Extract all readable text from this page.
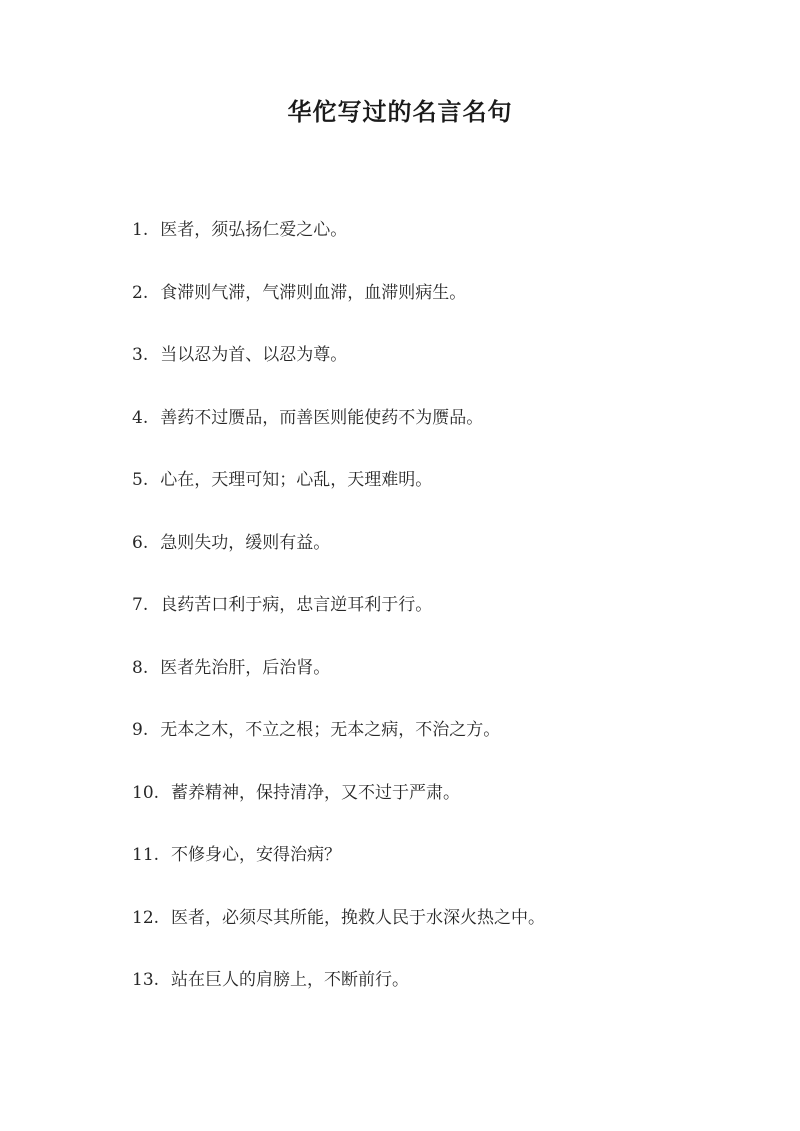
华佗写过的名言名句
1. 医者，须弘扬仁爱之心。
2. 食滞则气滞，气滞则血滞，血滞则病生。
3. 当以忍为首、以忍为尊。
4. 善药不过赝品，而善医则能使药不为赝品。
5. 心在，天理可知；心乱，天理难明。
6. 急则失功，缓则有益。
7. 良药苦口利于病，忠言逆耳利于行。
8. 医者先治肝，后治肾。
9. 无本之木，不立之根；无本之病，不治之方。
10. 蓄养精神，保持清净，又不过于严肃。
11. 不修身心，安得治病？
12. 医者，必须尽其所能，挽救人民于水深火热之中。
13. 站在巨人的肩膀上，不断前行。
